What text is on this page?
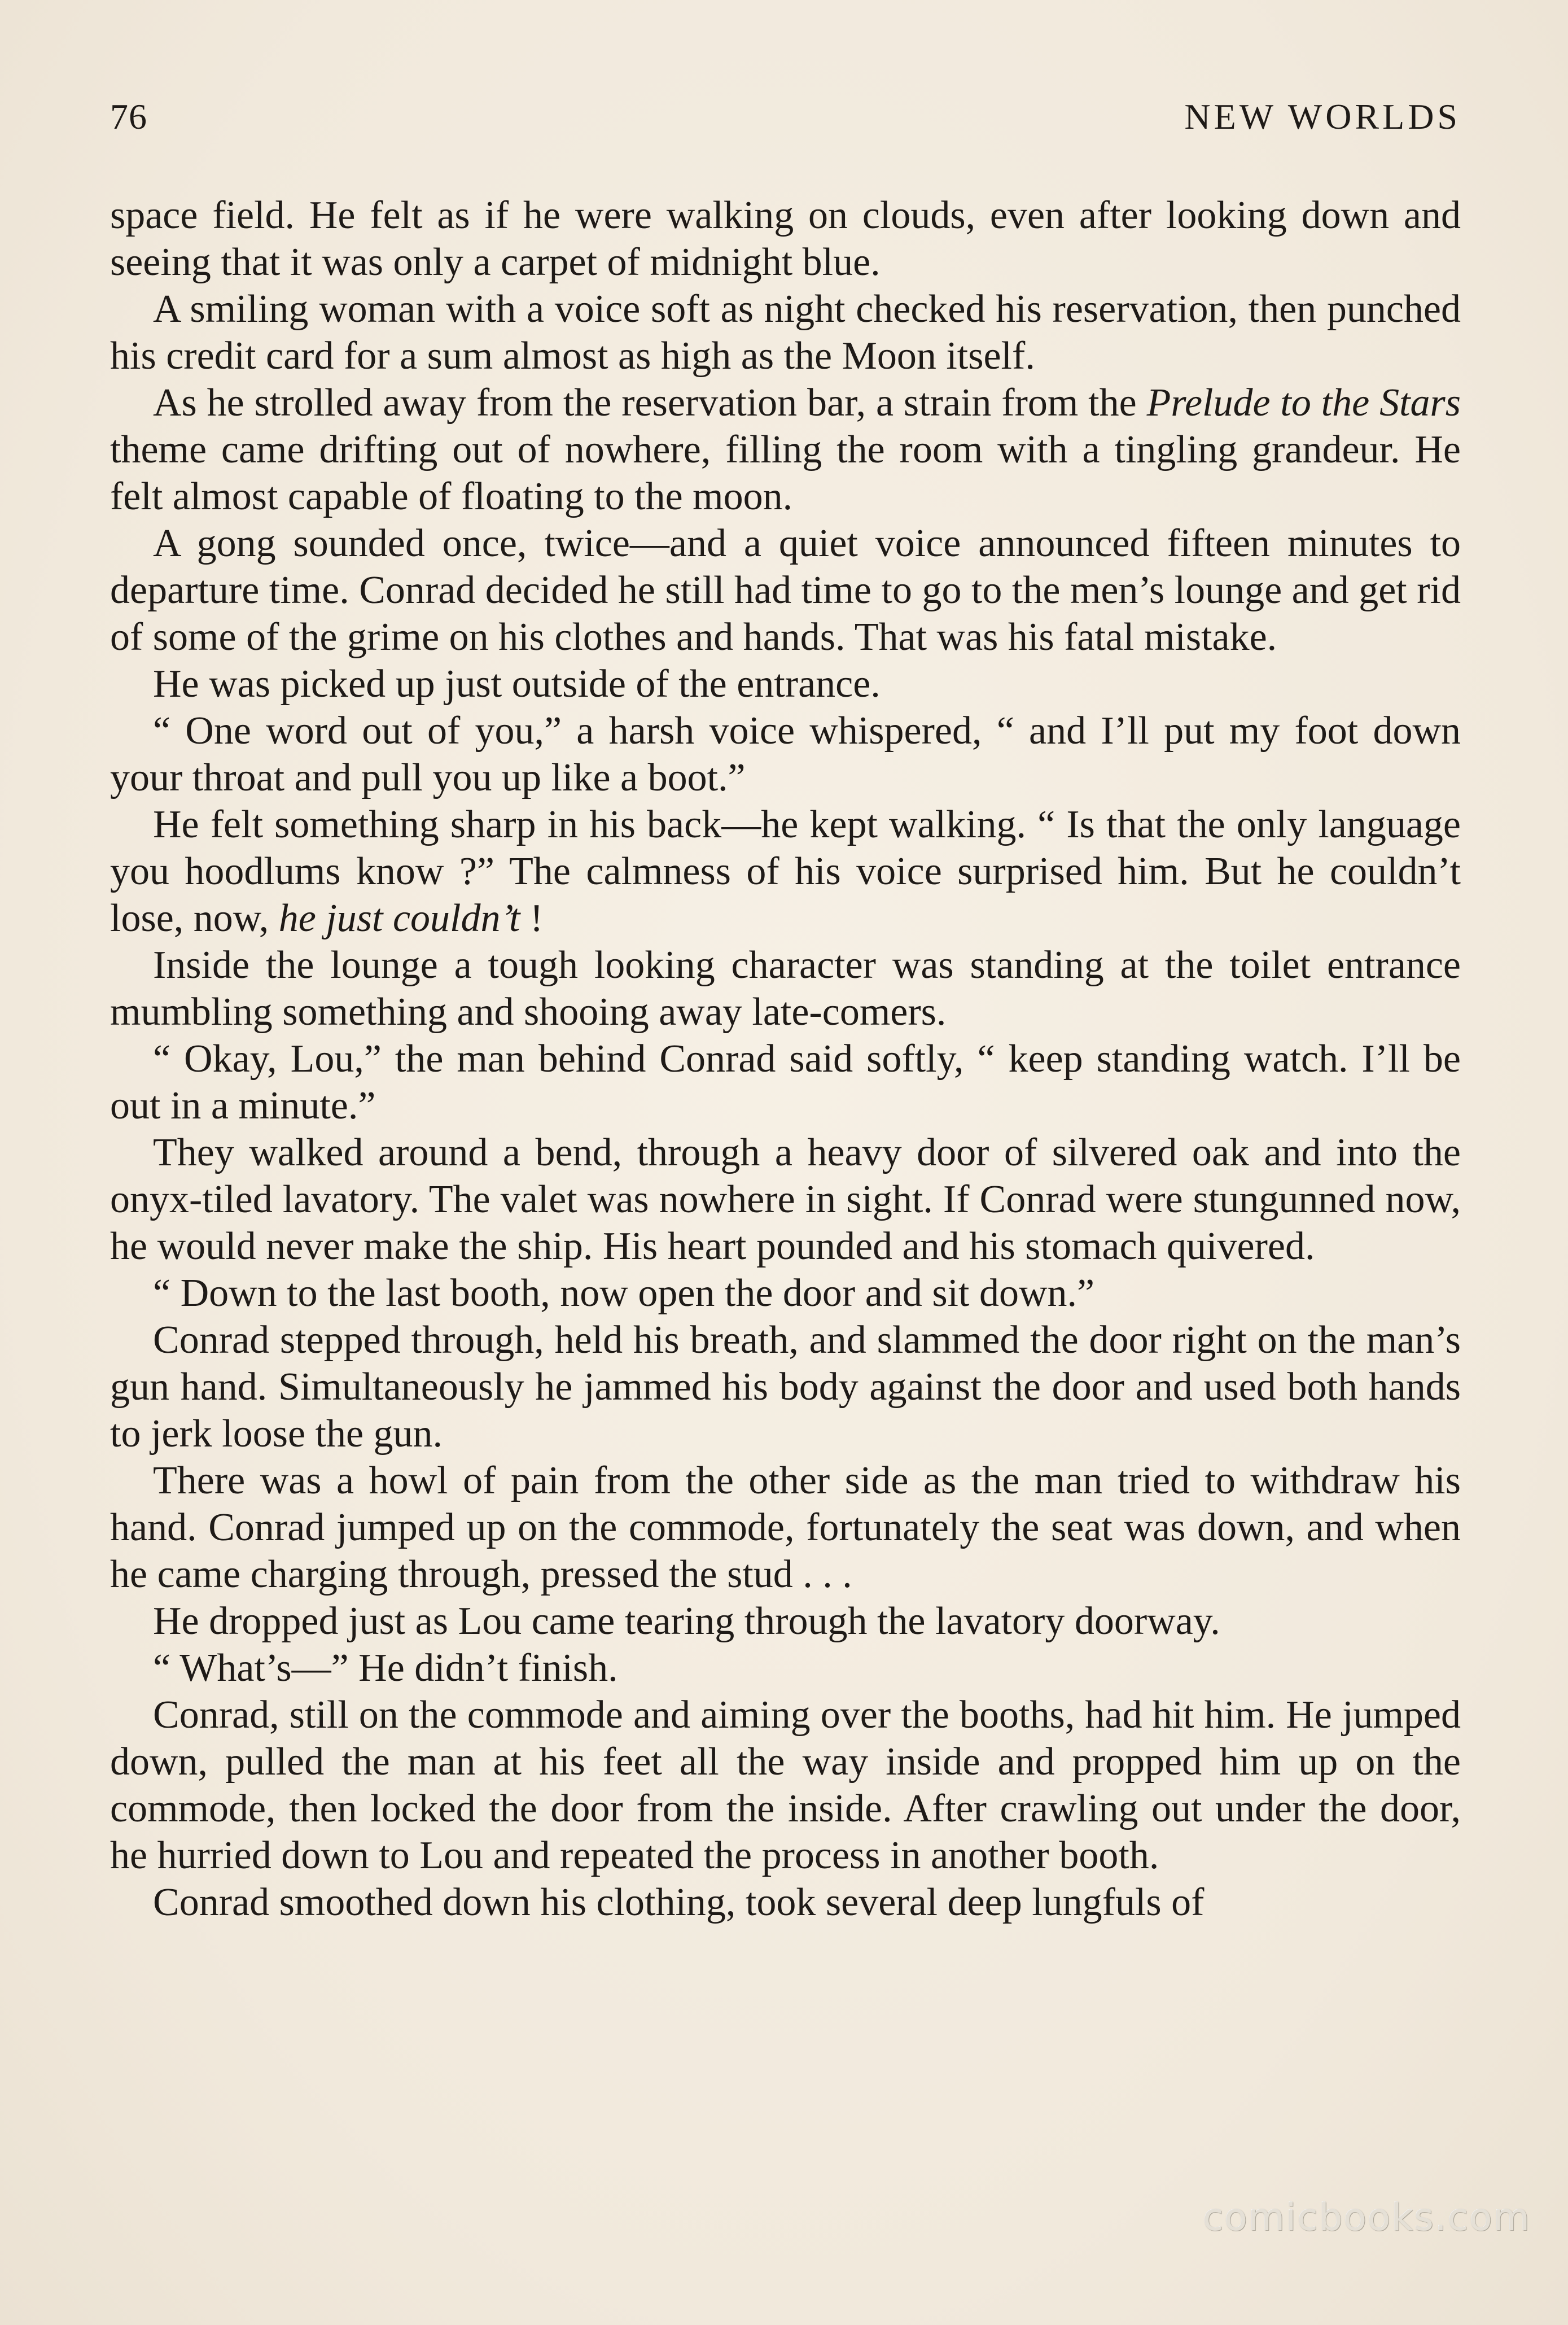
76	NEW WORLDS

space field. He felt as if he were walking on clouds, even after looking down and seeing that it was only a carpet of midnight blue.

A smiling woman with a voice soft as night checked his reservation, then punched his credit card for a sum almost as high as the Moon itself.

As he strolled away from the reservation bar, a strain from the Prelude to the Stars theme came drifting out of nowhere, filling the room with a tingling grandeur. He felt almost capable of floating to the moon.

A gong sounded once, twice—and a quiet voice announced fifteen minutes to departure time. Conrad decided he still had time to go to the men’s lounge and get rid of some of the grime on his clothes and hands. That was his fatal mistake.

He was picked up just outside of the entrance.

“ One word out of you,” a harsh voice whispered, “ and I’ll put my foot down your throat and pull you up like a boot.”

He felt something sharp in his back—he kept walking. “ Is that the only language you hoodlums know ?” The calmness of his voice surprised him. But he couldn’t lose, now, he just couldn’t !

Inside the lounge a tough looking character was standing at the toilet entrance mumbling something and shooing away late-comers.

“ Okay, Lou,” the man behind Conrad said softly, “ keep standing watch. I’ll be out in a minute.”

They walked around a bend, through a heavy door of silvered oak and into the onyx-tiled lavatory. The valet was nowhere in sight. If Conrad were stungunned now, he would never make the ship. His heart pounded and his stomach quivered.

“ Down to the last booth, now open the door and sit down.”

Conrad stepped through, held his breath, and slammed the door right on the man’s gun hand. Simultaneously he jammed his body against the door and used both hands to jerk loose the gun.

There was a howl of pain from the other side as the man tried to withdraw his hand. Conrad jumped up on the commode, fortunately the seat was down, and when he came charging through, pressed the stud . . .

He dropped just as Lou came tearing through the lavatory doorway.

“ What’s—” He didn’t finish.

Conrad, still on the commode and aiming over the booths, had hit him. He jumped down, pulled the man at his feet all the way inside and propped him up on the commode, then locked the door from the inside. After crawling out under the door, he hurried down to Lou and repeated the process in another booth.

Conrad smoothed down his clothing, took several deep lungfuls of

comicbooks.com
